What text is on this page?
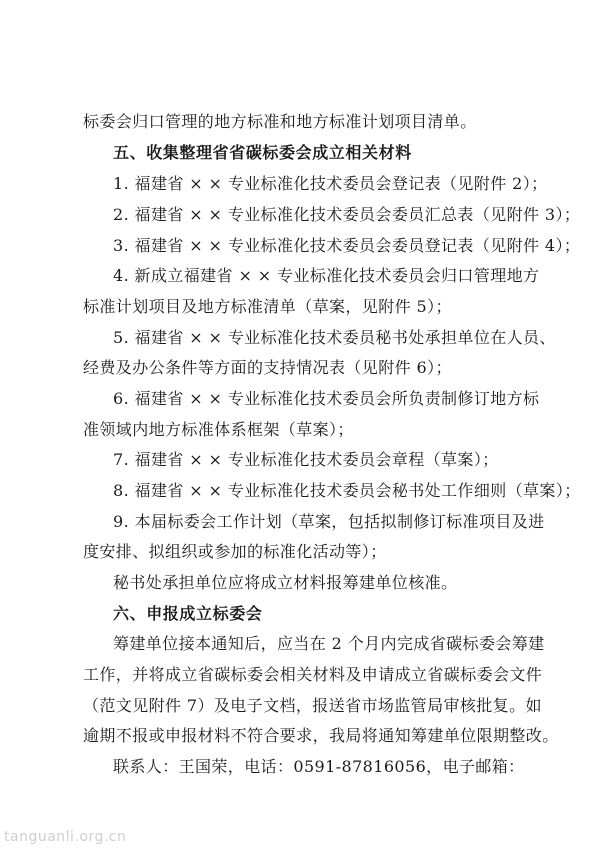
标委会归口管理的地方标准和地方标准计划项目清单。
五、收集整理省省碳标委会成立相关材料
1. 福建省 × × 专业标准化技术委员会登记表（见附件 2）；
2. 福建省 × × 专业标准化技术委员会委员汇总表（见附件 3）；
3. 福建省 × × 专业标准化技术委员会委员登记表（见附件 4）；
4. 新成立福建省 × × 专业标准化技术委员会归口管理地方
标准计划项目及地方标准清单（草案，见附件 5）；
5. 福建省 × × 专业标准化技术委员秘书处承担单位在人员、
经费及办公条件等方面的支持情况表（见附件 6）；
6. 福建省 × × 专业标准化技术委员会所负责制修订地方标
准领域内地方标准体系框架（草案）；
7. 福建省 × × 专业标准化技术委员会章程（草案）；
8. 福建省 × × 专业标准化技术委员会秘书处工作细则（草案）；
9. 本届标委会工作计划（草案，包括拟制修订标准项目及进
度安排、拟组织或参加的标准化活动等）；
秘书处承担单位应将成立材料报筹建单位核准。
六、申报成立标委会
筹建单位接本通知后，应当在 2 个月内完成省碳标委会筹建
工作，并将成立省碳标委会相关材料及申请成立省碳标委会文件
（范文见附件 7）及电子文档，报送省市场监管局审核批复。如
逾期不报或申报材料不符合要求，我局将通知筹建单位限期整改。
联系人：王国荣，电话：0591-87816056，电子邮箱：
tanguanli.org.cn
